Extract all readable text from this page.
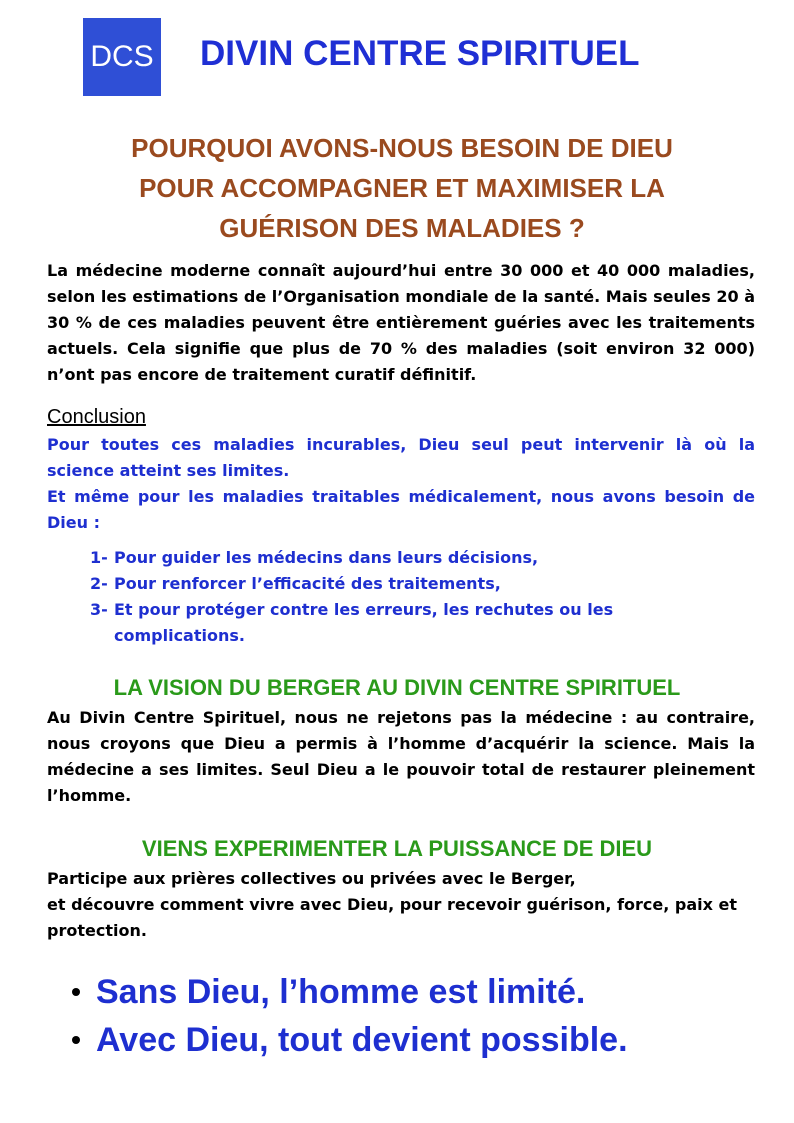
DCS DIVIN CENTRE SPIRITUEL
POURQUOI AVONS-NOUS BESOIN DE DIEU
POUR ACCOMPAGNER ET MAXIMISER LA
GUÉRISON DES MALADIES ?

La médecine moderne connaît aujourd’hui entre 30 000 et 40 000 maladies, selon les estimations de l’Organisation mondiale de la santé. Mais seules 20 à 30 % de ces maladies peuvent être entièrement guéries avec les traitements actuels. Cela signifie que plus de 70 % des maladies (soit environ 32 000) n’ont pas encore de traitement curatif définitif.

Conclusion

Pour toutes ces maladies incurables, Dieu seul peut intervenir là où la science atteint ses limites.

Et même pour les maladies traitables médicalement, nous avons besoin de Dieu :

1- Pour guider les médecins dans leurs décisions,
2- Pour renforcer l’efficacité des traitements,
3- Et pour protéger contre les erreurs, les rechutes ou les complications.
LA VISION DU BERGER AU DIVIN CENTRE SPIRITUEL

Au Divin Centre Spirituel, nous ne rejetons pas la médecine : au contraire, nous croyons que Dieu a permis à l’homme d’acquérir la science. Mais la médecine a ses limites. Seul Dieu a le pouvoir total de restaurer pleinement l’homme.

VIENS EXPERIMENTER LA PUISSANCE DE DIEU

Participe aux prières collectives ou privées avec le Berger,
et découvre comment vivre avec Dieu, pour recevoir guérison, force, paix et protection.

Sans Dieu, l’homme est limité.
Avec Dieu, tout devient possible.
